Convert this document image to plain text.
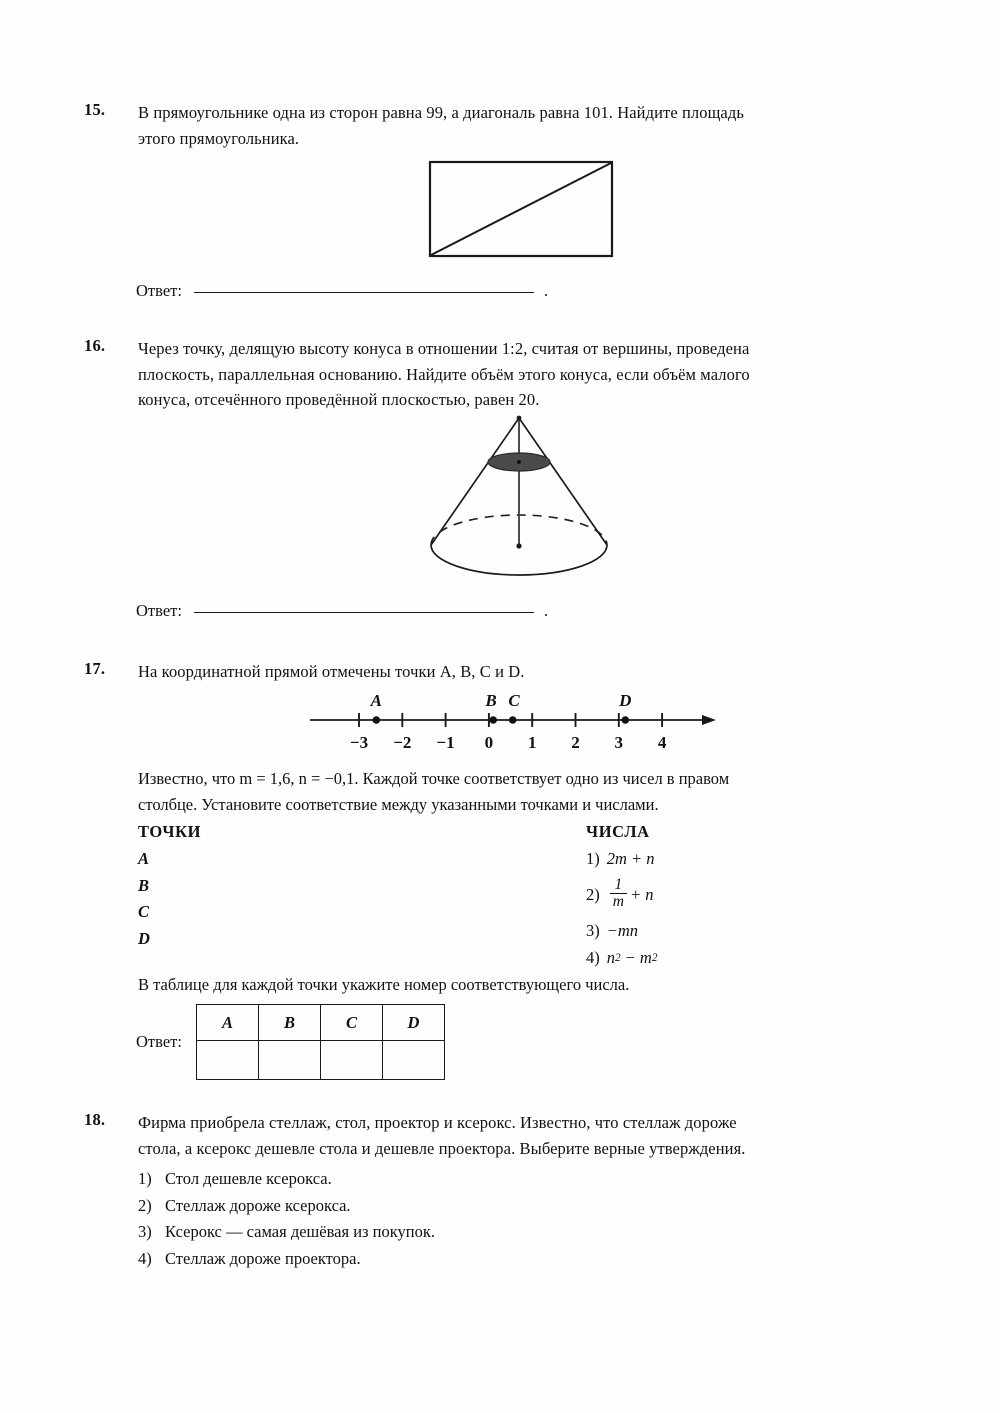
15.	В прямоугольнике одна из сторон равна 99, а диагональ равна 101. Найдите площадь
этого прямоугольника.
Ответ:	.
16.	Через точку, делящую высоту конуса в отношении 1:2, считая от вершины, проведена
плоскость, параллельная основанию. Найдите объём этого конуса, если объём малого
конуса, отсечённого проведённой плоскостью, равен 20.
Ответ:	.
17.	На координатной прямой отмечены точки A, B, C и D.
−3 −2 −1 0 1 2 3 4
A	B C	D
Известно, что m = 1,6, n = −0,1. Каждой точке соответствует одно из чисел в правом
столбце. Установите соответствие между указанными точками и числами.
ТОЧКИ
A
B
C
D
ЧИСЛА
1) 2m + n
$2) \frac{1}{m} + n$
3) −mn
4) n 2 − m 2
В таблице для каждой точки укажите номер соответствующего числа.
Ответ:
A	B	C	D

18.	Фирма приобрела стеллаж, стол, проектор и ксерокс. Известно, что стеллаж дороже
стола, а ксерокс дешевле стола и дешевле проектора. Выберите верные утверждения.
1) Стол дешевле ксерокса.
2) Стеллаж дороже ксерокса.
3) Ксерокс — самая дешёвая из покупок.
4) Стеллаж дороже проектора.
